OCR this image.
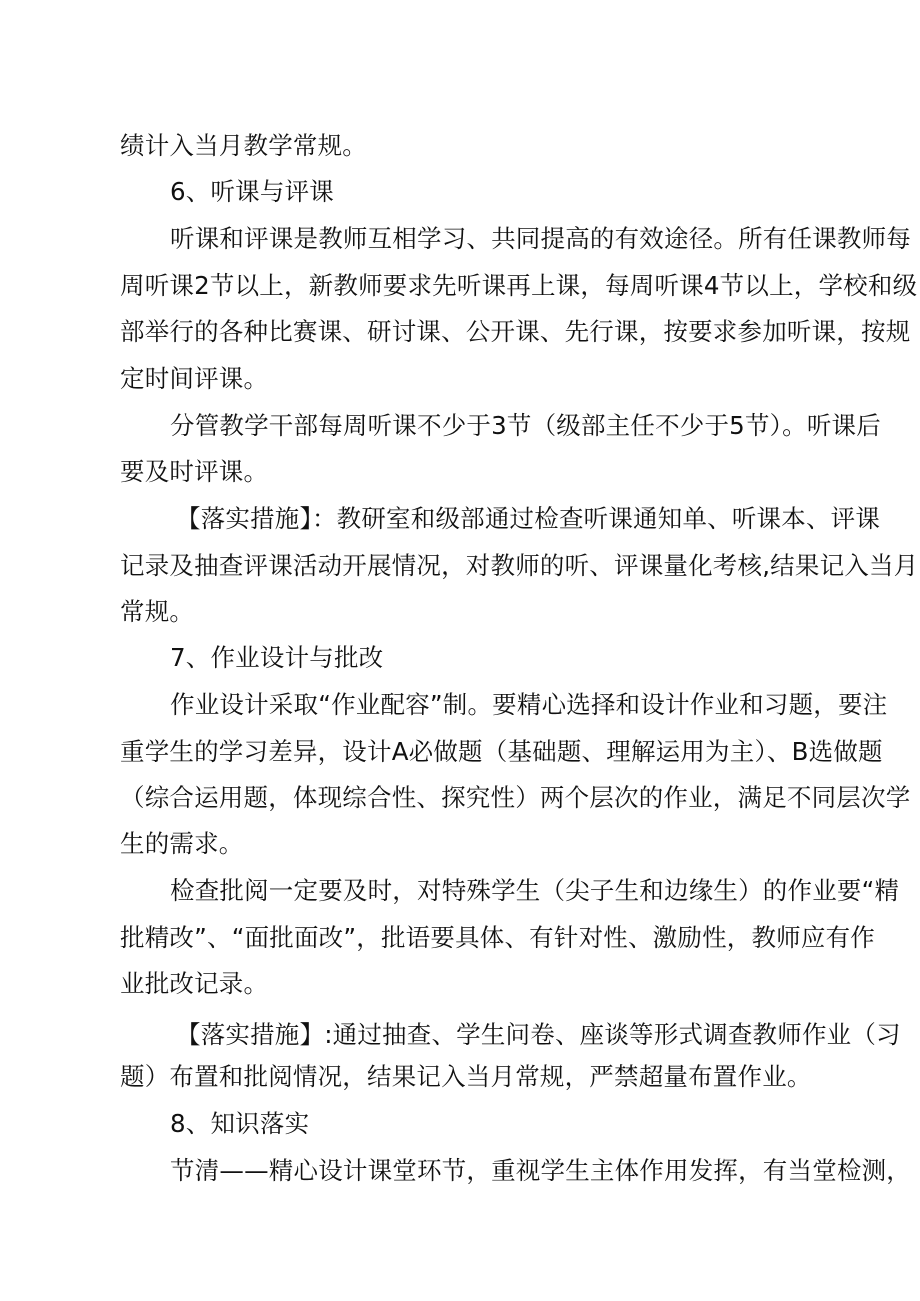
绩计入当月教学常规。
6、听课与评课
听课和评课是教师互相学习、共同提高的有效途径。所有任课教师每
周听课2节以上，新教师要求先听课再上课，每周听课4节以上，学校和级
部举行的各种比赛课、研讨课、公开课、先行课，按要求参加听课，按规
定时间评课。
分管教学干部每周听课不少于3节（级部主任不少于5节）。听课后
要及时评课。
【落实措施】：教研室和级部通过检查听课通知单、听课本、评课
记录及抽查评课活动开展情况，对教师的听、评课量化考核,结果记入当月
常规。
7、作业设计与批改
作业设计采取“作业配容”制。要精心选择和设计作业和习题，要注
重学生的学习差异，设计A必做题（基础题、理解运用为主）、B选做题
（综合运用题，体现综合性、探究性）两个层次的作业，满足不同层次学
生的需求。
检查批阅一定要及时，对特殊学生（尖子生和边缘生）的作业要“精
批精改”、“面批面改”，批语要具体、有针对性、激励性，教师应有作
业批改记录。
【落实措施】:通过抽查、学生问卷、座谈等形式调查教师作业（习
题）布置和批阅情况，结果记入当月常规，严禁超量布置作业。
8、知识落实
节清——精心设计课堂环节，重视学生主体作用发挥，有当堂检测，
